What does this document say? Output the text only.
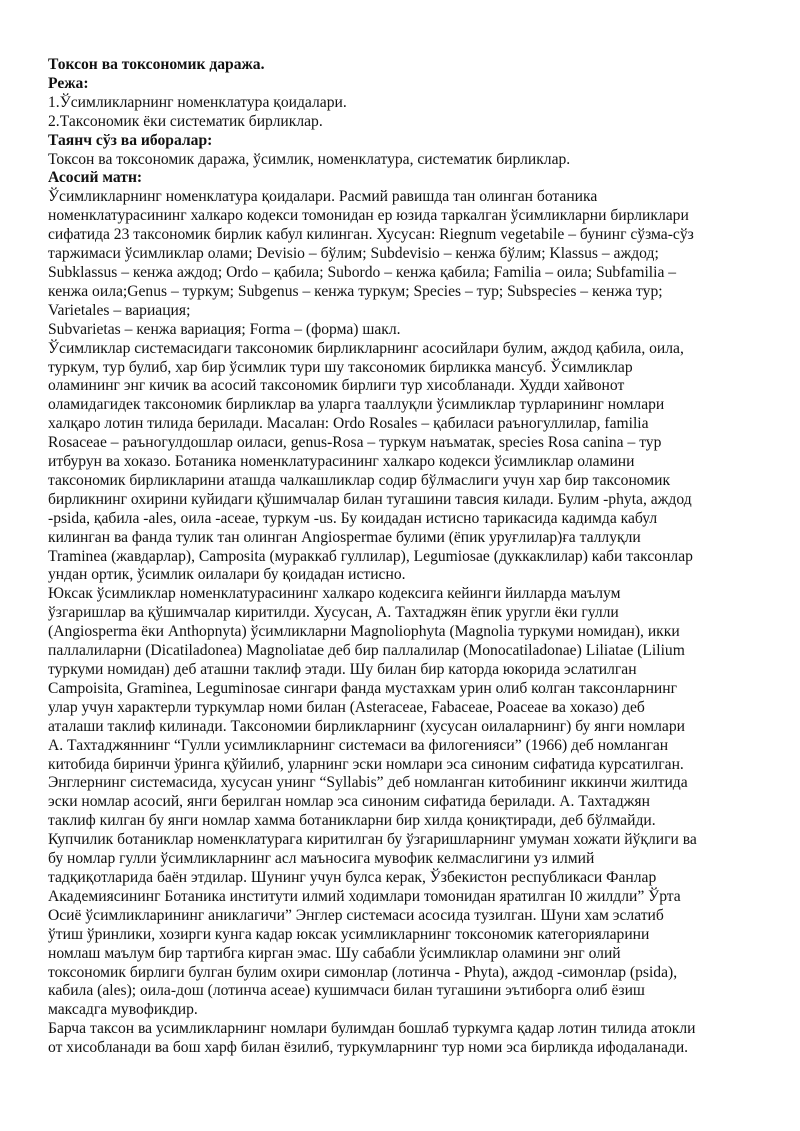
Токсон ва токсономик даража.
Режа:
1.Ўсимликларнинг номенклатура қоидалари.
2.Таксономик ёки систематик бирликлар.
Таянч сўз ва иборалар:
Токсон ва токсономик даража, ўсимлик, номенклатура, систематик бирликлар.
Асосий матн:
Ўсимликларнинг номенклатура қоидалари. Расмий равишда тан олинган ботаника
номенклатурасининг халкаро кодекси томонидан ер юзида таркалган ўсимликларни бирликлари
сифатида 23 таксономик бирлик кабул килинган. Хусусан: Riegnum vegetabile – бунинг сўзма-сўз
таржимаси ўсимликлар олами; Devisio – бўлим; Subdevisio – кенжа бўлим; Klassus – аждод;
Subklassus – кенжа аждод; Ordo – қабила; Subordo – кенжа қабила; Familia – оила; Subfamilia –
кенжа оила;Genus – туркум; Subgenus – кенжа туркум; Species – тур; Subspecies – кенжа тур;
Varietales – вариация;
Subvarietas – кенжа вариация; Forma – (форма) шакл.
Ўсимликлар системасидаги таксономик бирликларнинг асосийлари булим, аждод қабила, оила,
туркум, тур булиб, хар бир ўсимлик тури шу таксономик бирликка мансуб. Ўсимликлар
оламининг энг кичик ва асосий таксономик бирлиги тур хисобланади. Худди хайвонот
оламидагидек таксономик бирликлар ва уларга тааллуқли ўсимликлар турларининг номлари
халқаро лотин тилида берилади. Масалан: Ordo Rosales – қабиласи раъногуллилар, familia
Rosaceae – раъногулдошлар оиласи, genus-Rosa – туркум наъматак, species Rosa canina – тур
итбурун ва хоказо. Ботаника номенклатурасининг халкаро кодекси ўсимликлар оламини
таксономик бирликларини аташда чалкашликлар содир бўлмаслиги учун хар бир таксономик
бирликнинг охирини куйидаги қўшимчалар билан тугашини тавсия килади. Булим -phyta, аждод
-psida, қабила -ales, оила -aceae, туркум -us. Бу коидадан истисно тарикасида кадимда кабул
килинган ва фанда тулик тан олинган Angiospermae булими (ёпик уруғлилар)ға таллуқли
Traminea (жавдарлар), Camposita (мураккаб гуллилар), Legumiosae (дуккаклилар) каби таксонлар
ундан ортик, ўсимлик оилалари бу қоидадан истисно.
Юксак ўсимликлар номенклатурасининг халкаро кодексига кейинги йилларда маълум
ўзгаришлар ва қўшимчалар киритилди. Хусусан, А. Тахтаджян ёпик уругли ёки гулли
(Angiosperma ёки Anthopnyta) ўсимликларни Magnoliophyta (Magnolia туркуми номидан), икки
паллалиларни (Dicatiladonea) Magnoliatae деб бир паллалилар (Monocatiladonae) Liliatae (Lilium
туркуми номидан) деб аташни таклиф этади. Шу билан бир каторда юкорида эслатилган
Campoisita, Graminea, Leguminosae сингари фанда мустахкам урин олиб колган таксонларнинг
улар учун характерли туркумлар номи билан (Asteraceae, Fabaceae, Poaceae ва хоказо) деб
аталаши таклиф килинади. Таксономии бирликларнинг (хусусан оилаларнинг) бу янги номлари
А. Тахтаджяннинг “Гулли усимликларнинг системаси ва филогенияси” (1966) деб номланган
китобида биринчи ўринга қўйилиб, уларнинг эски номлари эса синоним сифатида курсатилган.
Энглернинг системасида, хусусан унинг “Syllabis” деб номланган китобининг иккинчи жилтида
эски номлар асосий, янги берилган номлар эса синоним сифатида берилади. А. Тахтаджян
таклиф килган бу янги номлар хамма ботаникларни бир хилда қониқтиради, деб бўлмайди.
Купчилик ботаниклар номенклатурага киритилган бу ўзгаришларнинг умуман хожати йўқлиги ва
бу номлар гулли ўсимликларнинг асл маъносига мувофик келмаслигини уз илмий
тадқиқотларида баён этдилар. Шунинг учун булса керак, Ўзбекистон республикаси Фанлар
Академиясининг Ботаника институти илмий ходимлари томонидан яратилган I0 жилдли” Ўрта
Осиё ўсимликларининг аниклагичи” Энглер системаси асосида тузилган. Шуни хам эслатиб
ўтиш ўринлики, хозирги кунга кадар юксак усимликларнинг токсономик категорияларини
номлаш маълум бир тартибга кирган эмас. Шу сабабли ўсимликлар оламини энг олий
токсономик бирлиги булган булим охири симонлар (лотинча - Phyta), аждод -симонлар (psida),
кабила (ales); оила-дош (лотинча aceae) кушимчаси билан тугашини эътиборга олиб ёзиш
максадга мувофикдир.
Барча таксон ва усимликларнинг номлари булимдан бошлаб туркумга қадар лотин тилида атокли
от хисобланади ва бош харф билан ёзилиб, туркумларнинг тур номи эса бирликда ифодаланади.
